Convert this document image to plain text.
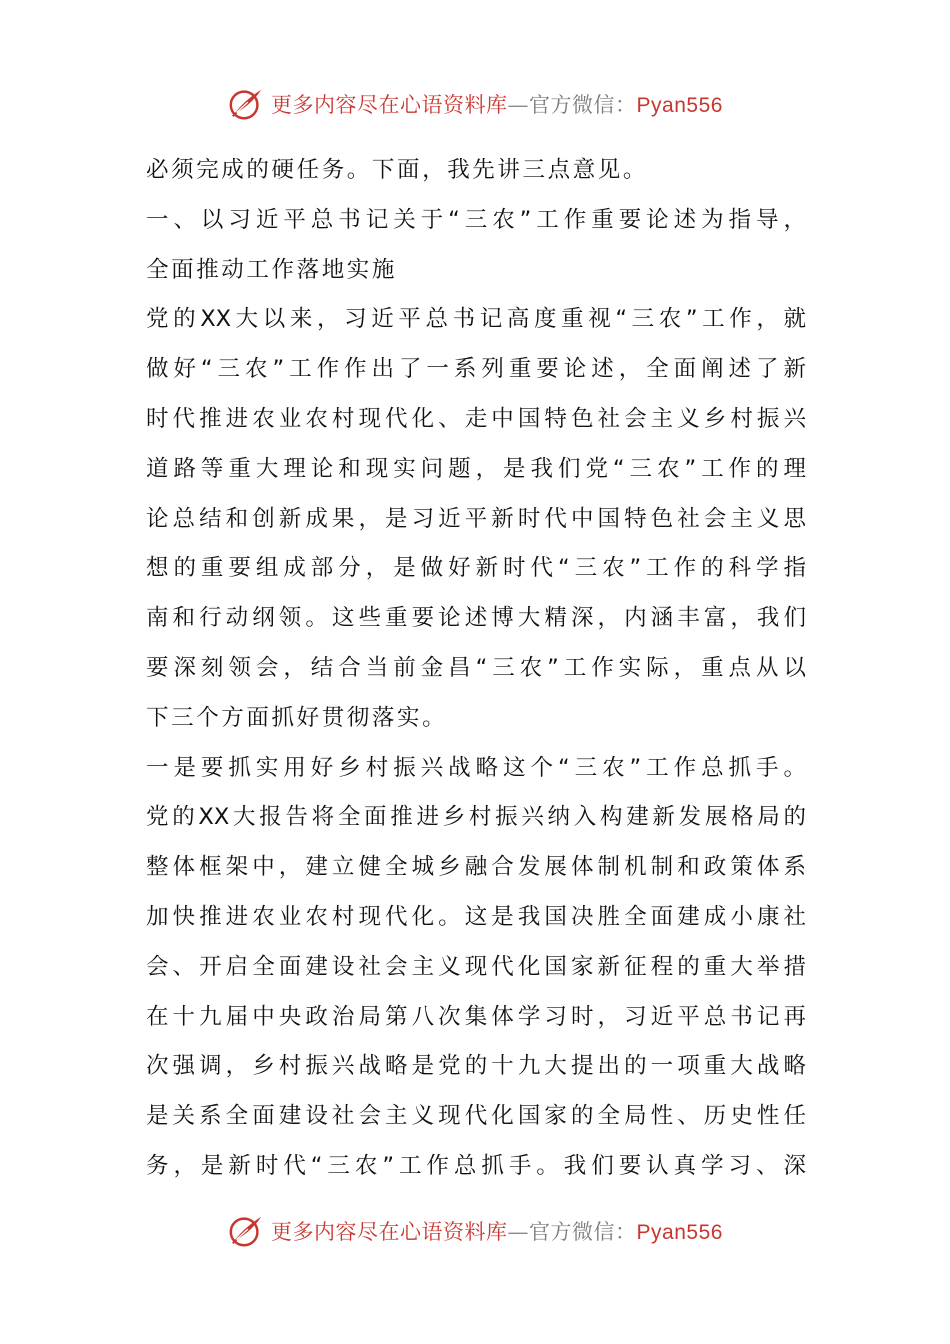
更多内容尽在心语资料库—官方微信：Pyan556
必须完成的硬任务。下面，我先讲三点意见。
一、以习近平总书记关于“三农”工作重要论述为指导，
全面推动工作落地实施
党的XX大以来，习近平总书记高度重视“三农”工作，就
做好“三农”工作作出了一系列重要论述，全面阐述了新
时代推进农业农村现代化、走中国特色社会主义乡村振兴
道路等重大理论和现实问题，是我们党“三农”工作的理
论总结和创新成果，是习近平新时代中国特色社会主义思
想的重要组成部分，是做好新时代“三农”工作的科学指
南和行动纲领。这些重要论述博大精深，内涵丰富，我们
要深刻领会，结合当前金昌“三农”工作实际，重点从以
下三个方面抓好贯彻落实。
一是要抓实用好乡村振兴战略这个“三农”工作总抓手。
党的XX大报告将全面推进乡村振兴纳入构建新发展格局的
整体框架中，建立健全城乡融合发展体制机制和政策体系
加快推进农业农村现代化。这是我国决胜全面建成小康社
会、开启全面建设社会主义现代化国家新征程的重大举措
在十九届中央政治局第八次集体学习时，习近平总书记再
次强调，乡村振兴战略是党的十九大提出的一项重大战略
是关系全面建设社会主义现代化国家的全局性、历史性任
务，是新时代“三农”工作总抓手。我们要认真学习、深
更多内容尽在心语资料库—官方微信：Pyan556
